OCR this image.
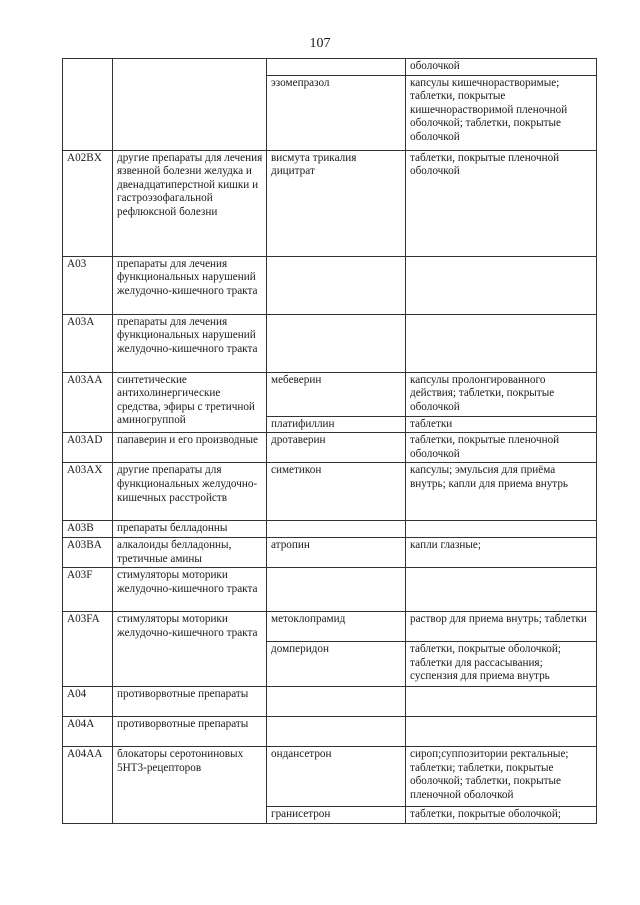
107
			оболочкой
		эзомепразол	капсулы кишечнорастворимые; таблетки, покрытые кишечнорастворимой пленочной оболочкой; таблетки, покрытые оболочкой
A02BX	другие препараты для лечения язвенной болезни желудка и двенадцатиперстной кишки и гастроэзофагальной рефлюксной болезни	висмута трикалия дицитрат	таблетки, покрытые пленочной оболочкой
A03	препараты для лечения функциональных нарушений желудочно-кишечного тракта		
A03A	препараты для лечения функциональных нарушений желудочно-кишечного тракта		
A03AA	синтетические антихолинергические средства, эфиры с третичной аминогруппой	мебеверин	капсулы пролонгированного действия; таблетки, покрытые оболочкой
		платифиллин	таблетки
A03AD	папаверин и его производные	дротаверин	таблетки, покрытые пленочной оболочкой
A03AX	другие препараты для функциональных желудочно-кишечных расстройств	симетикон	капсулы; эмульсия для приёма внутрь; капли для приема внутрь
A03B	препараты белладонны		
A03BA	алкалоиды белладонны, третичные амины	атропин	капли глазные;
A03F	стимуляторы моторики желудочно-кишечного тракта		
A03FA	стимуляторы моторики желудочно-кишечного тракта	метоклопрамид	раствор для приема внутрь; таблетки
		домперидон	таблетки, покрытые оболочкой; таблетки для рассасывания; суспензия для приема внутрь
A04	противорвотные препараты		
A04A	противорвотные препараты		
A04AA	блокаторы серотониновых 5НТ3-рецепторов	ондансетрон	сироп;суппозитории ректальные; таблетки; таблетки, покрытые оболочкой; таблетки, покрытые пленочной оболочкой
		гранисетрон	таблетки, покрытые оболочкой;
